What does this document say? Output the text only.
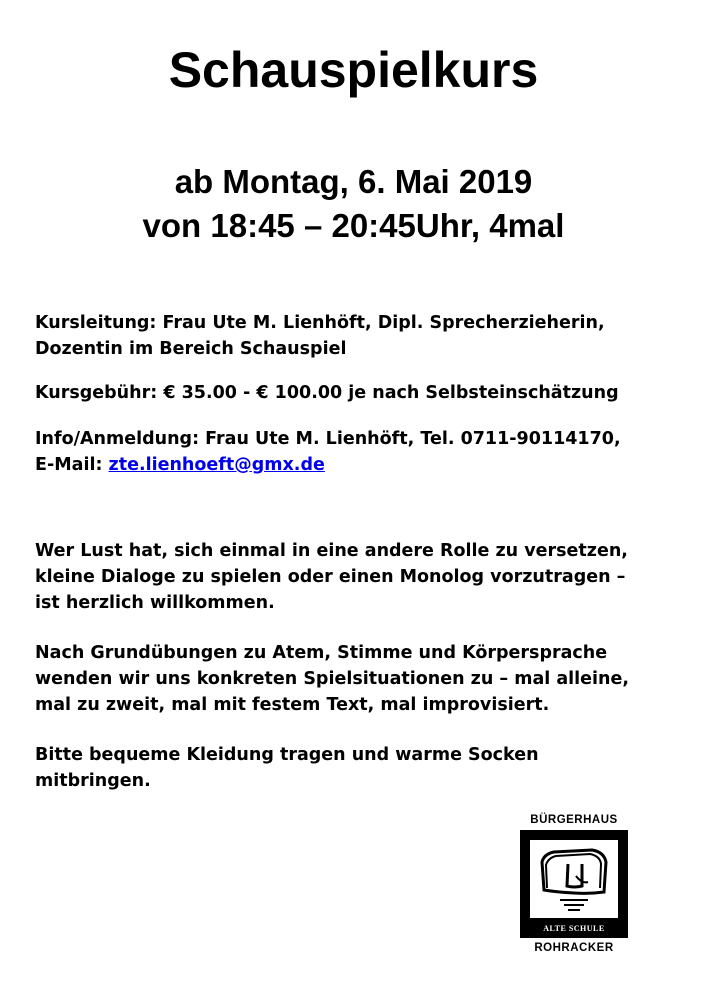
Schauspielkurs
ab Montag, 6. Mai 2019
von 18:45 – 20:45Uhr, 4mal
Kursleitung: Frau Ute M. Lienhöft, Dipl. Sprecherzieherin,
Dozentin im Bereich Schauspiel
Kursgebühr: € 35.00 - € 100.00 je nach Selbsteinschätzung
Info/Anmeldung: Frau Ute M. Lienhöft, Tel. 0711-90114170,
E-Mail: zte.lienhoeft@gmx.de
Wer Lust hat, sich einmal in eine andere Rolle zu versetzen,
kleine Dialoge zu spielen oder einen Monolog vorzutragen –
ist herzlich willkommen.
Nach Grundübungen zu Atem, Stimme und Körpersprache
wenden wir uns konkreten Spielsituationen zu – mal alleine,
mal zu zweit, mal mit festem Text, mal improvisiert.
Bitte bequeme Kleidung tragen und warme Socken
mitbringen.
BÜRGERHAUS
ALTE SCHULE
ROHRACKER
